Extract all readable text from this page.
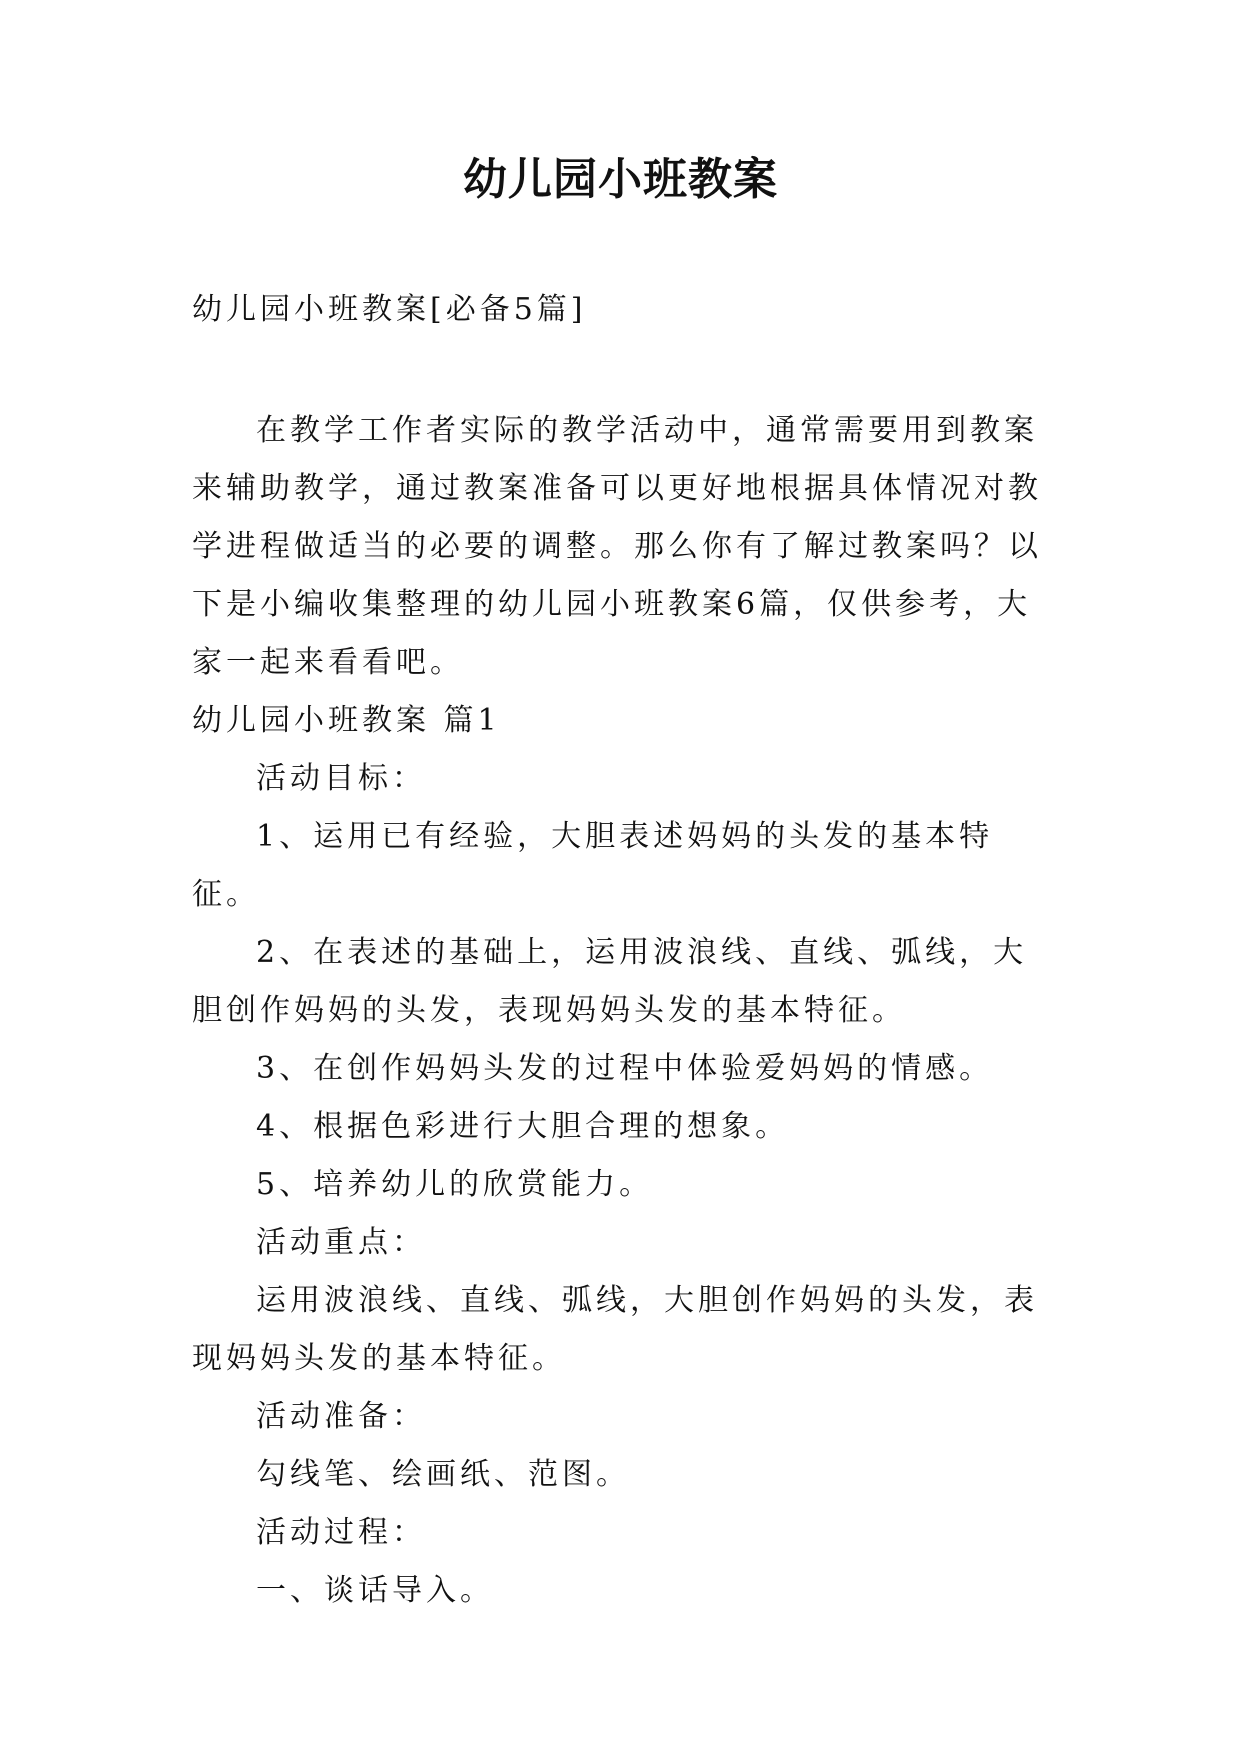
幼儿园小班教案

幼儿园小班教案[必备5篇]

在教学工作者实际的教学活动中，通常需要用到教案来辅助教学，通过教案准备可以更好地根据具体情况对教学进程做适当的必要的调整。那么你有了解过教案吗？以下是小编收集整理的幼儿园小班教案6篇，仅供参考，大家一起来看看吧。

幼儿园小班教案 篇1

活动目标：

1、运用已有经验，大胆表述妈妈的头发的基本特征。

2、在表述的基础上，运用波浪线、直线、弧线，大胆创作妈妈的头发，表现妈妈头发的基本特征。

3、在创作妈妈头发的过程中体验爱妈妈的情感。

4、根据色彩进行大胆合理的想象。

5、培养幼儿的欣赏能力。

活动重点：

运用波浪线、直线、弧线，大胆创作妈妈的头发，表现妈妈头发的基本特征。

活动准备：

勾线笔、绘画纸、范图。

活动过程：

一、谈话导入。
